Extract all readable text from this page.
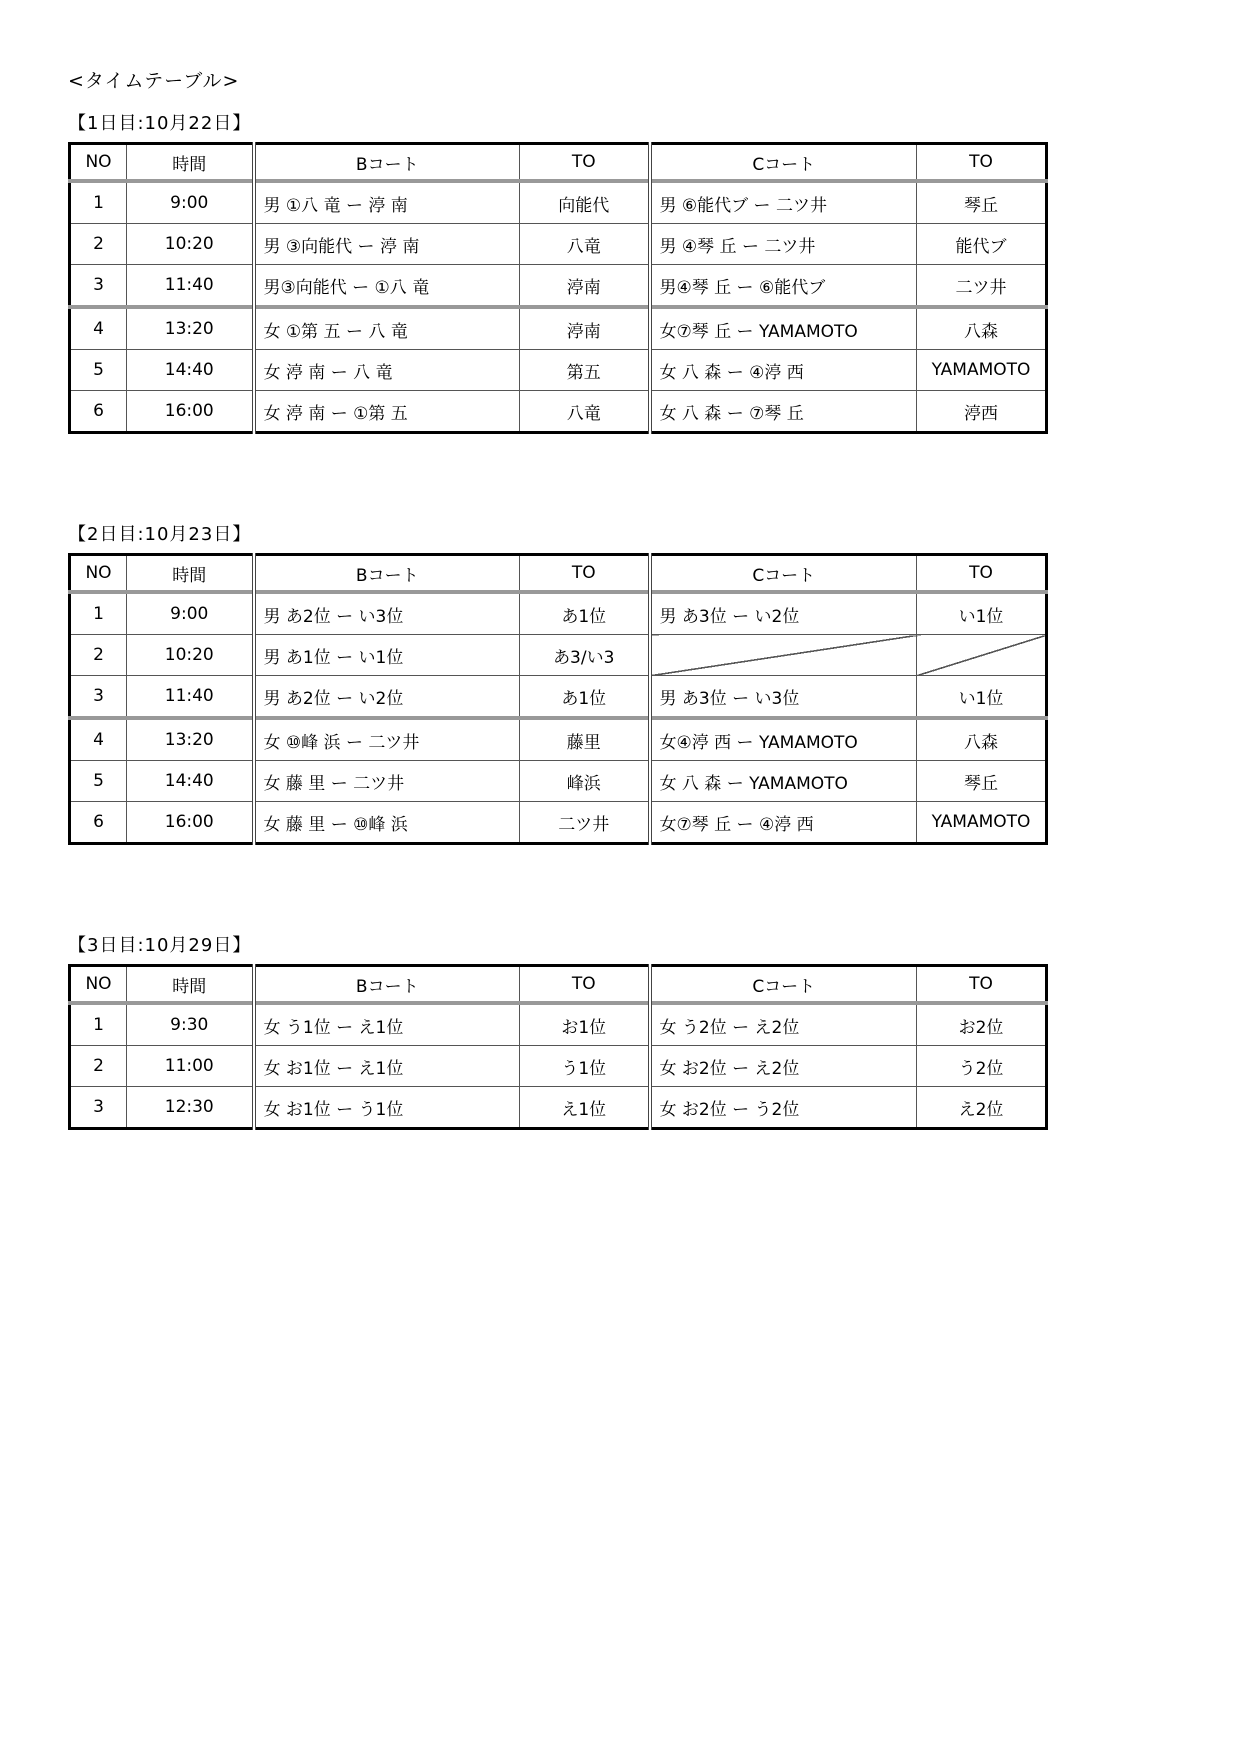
<タイムテーブル>
【1日目:10月22日】
NO	時間	Bコート	TO	Cコート	TO
1	9:00	男 ①八 竜 ー 渟 南	向能代	男 ⑥能代ブ ー 二ツ井	琴丘
2	10:20	男 ③向能代 ー 渟 南	八竜	男 ④琴 丘 ー 二ツ井	能代ブ
3	11:40	男③向能代 ー ①八 竜	渟南	男④琴 丘 ー ⑥能代ブ	二ツ井
4	13:20	女 ①第 五 ー 八 竜	渟南	女⑦琴 丘 ー YAMAMOTO	八森
5	14:40	女 渟 南 ー 八 竜	第五	女 八 森 ー ④渟 西	YAMAMOTO
6	16:00	女 渟 南 ー ①第 五	八竜	女 八 森 ー ⑦琴 丘	渟西
【2日目:10月23日】
NO	時間	Bコート	TO	Cコート	TO
1	9:00	男 あ2位 ー い3位	あ1位	男 あ3位 ー い2位	い1位
2	10:20	男 あ1位 ー い1位	あ3/い3		
3	11:40	男 あ2位 ー い2位	あ1位	男 あ3位 ー い3位	い1位
4	13:20	女 ⑩峰 浜 ー 二ツ井	藤里	女④渟 西 ー YAMAMOTO	八森
5	14:40	女 藤 里 ー 二ツ井	峰浜	女 八 森 ー YAMAMOTO	琴丘
6	16:00	女 藤 里 ー ⑩峰 浜	二ツ井	女⑦琴 丘 ー ④渟 西	YAMAMOTO
【3日目:10月29日】
NO	時間	Bコート	TO	Cコート	TO
1	9:30	女 う1位 ー え1位	お1位	女 う2位 ー え2位	お2位
2	11:00	女 お1位 ー え1位	う1位	女 お2位 ー え2位	う2位
3	12:30	女 お1位 ー う1位	え1位	女 お2位 ー う2位	え2位
